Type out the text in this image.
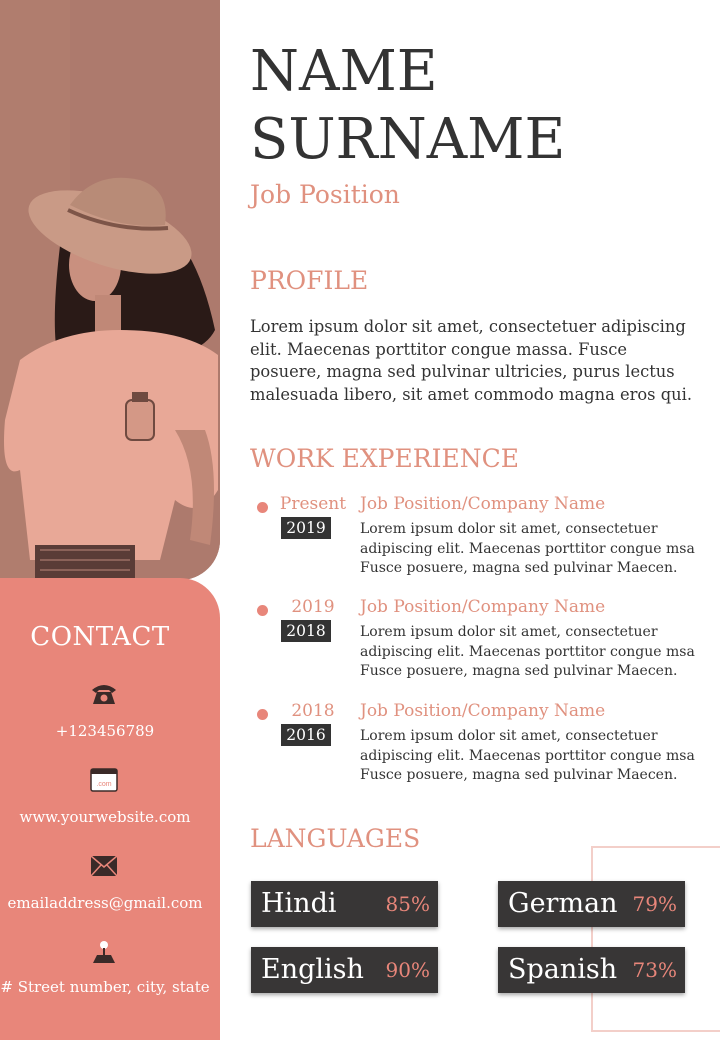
CONTACT
+123456789
.com
www.yourwebsite.com
emailaddress@gmail.com
# Street number, city, state
NAME
SURNAME
Job Position
PROFILE
Lorem ipsum dolor sit amet, consectetuer adipiscing elit. Maecenas porttitor congue massa. Fusce posuere, magna sed pulvinar ultricies, purus lectus malesuada libero, sit amet commodo magna eros qui.
WORK EXPERIENCE
Present
2019
Job Position/Company Name
Lorem ipsum dolor sit amet, consectetuer adipiscing elit. Maecenas porttitor congue msa Fusce posuere, magna sed pulvinar Maecen.
2019
2018
Job Position/Company Name
Lorem ipsum dolor sit amet, consectetuer adipiscing elit. Maecenas porttitor congue msa Fusce posuere, magna sed pulvinar Maecen.
2018
2016
Job Position/Company Name
Lorem ipsum dolor sit amet, consectetuer adipiscing elit. Maecenas porttitor congue msa Fusce posuere, magna sed pulvinar Maecen.
LANGUAGES
Hindi 85%	German 79%
English 90%	Spanish 73%
